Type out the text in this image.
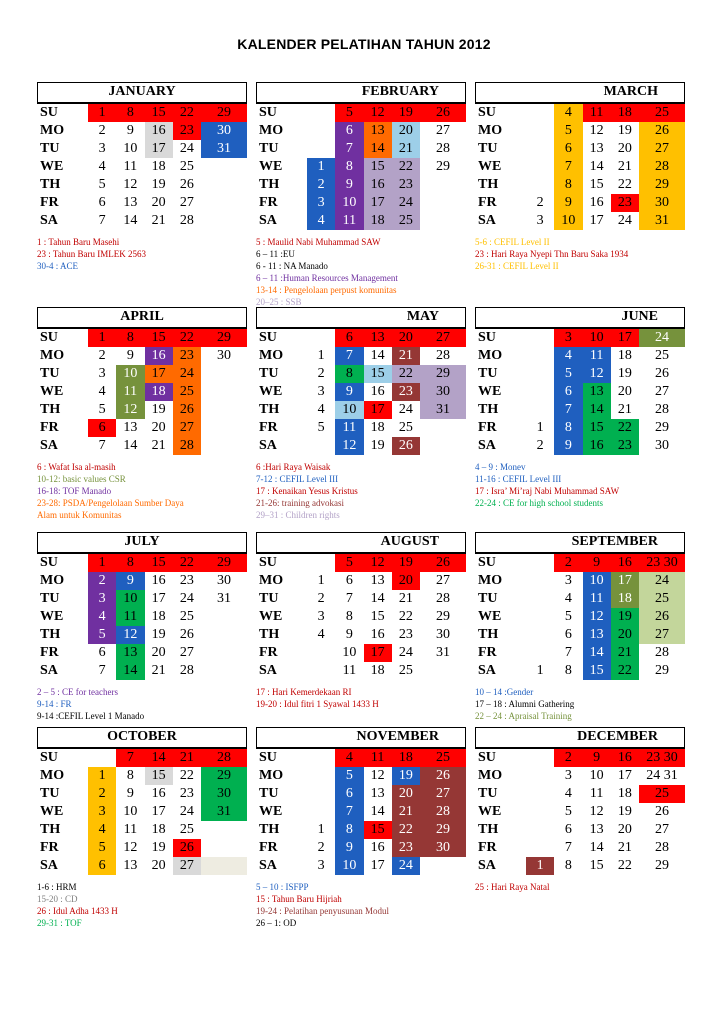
KALENDER PELATIHAN TAHUN 2012
JANUARY
SU		1	8	15	22	29
MO		2	9	16	23	30
TU		3	10	17	24	31
WE		4	11	18	25	
TH		5	12	19	26	
FR		6	13	20	27	
SA		7	14	21	28	
1 : Tahun Baru Masehi
23 : Tahun Baru IMLEK 2563
30-4 : ACE
FEBRUARY
SU			5	12	19	26
MO			6	13	20	27
TU			7	14	21	28
WE		1	8	15	22	29
TH		2	9	16	23	
FR		3	10	17	24	
SA		4	11	18	25	
5 : Maulid Nabi Muhammad SAW
6 – 11 :EU
6 - 11 : NA Manado
6 – 11 :Human Resources Management
13-14 : Pengelolaan perpust komunitas
20–25 : SSB
MARCH
SU			4	11	18	25
MO			5	12	19	26
TU			6	13	20	27
WE			7	14	21	28
TH			8	15	22	29
FR		2	9	16	23	30
SA		3	10	17	24	31
5-6 : CEFIL Level II
23 : Hari Raya Nyepi Thn Baru Saka 1934
26-31 : CEFIL Level II
APRIL
SU		1	8	15	22	29
MO		2	9	16	23	30
TU		3	10	17	24	
WE		4	11	18	25	
TH		5	12	19	26	
FR		6	13	20	27	
SA		7	14	21	28	
6 : Wafat Isa al-masih
10-12: basic values CSR
16-18: TOF Manado
23-28: PSDA/Pengelolaan Sumber Daya
Alam untuk Komunitas
MAY
SU			6	13	20	27
MO		1	7	14	21	28
TU		2	8	15	22	29
WE		3	9	16	23	30
TH		4	10	17	24	31
FR		5	11	18	25	
SA			12	19	26	
6 :Hari Raya Waisak
7-12 : CEFIL Level III
17 : Kenaikan Yesus Kristus
21-26: training advokasi
29–31 : Children rights
JUNE
SU			3	10	17	24
MO			4	11	18	25
TU			5	12	19	26
WE			6	13	20	27
TH			7	14	21	28
FR		1	8	15	22	29
SA		2	9	16	23	30
4 – 9 : Monev
11-16 : CEFIL Level III
17 : Isra’ Mi’raj Nabi Muhammad SAW
22-24 : CE for high school students
JULY
SU		1	8	15	22	29
MO		2	9	16	23	30
TU		3	10	17	24	31
WE		4	11	18	25	
TH		5	12	19	26	
FR		6	13	20	27	
SA		7	14	21	28	
2 – 5 : CE for teachers
9-14 : FR
9-14 :CEFIL Level 1 Manado
AUGUST
SU			5	12	19	26
MO		1	6	13	20	27
TU		2	7	14	21	28
WE		3	8	15	22	29
TH		4	9	16	23	30
FR			10	17	24	31
SA			11	18	25	
17 : Hari Kemerdekaan RI
19-20 : Idul fitri 1 Syawal 1433 H
SEPTEMBER
SU			2	9	16	23 30
MO			3	10	17	24
TU			4	11	18	25
WE			5	12	19	26
TH			6	13	20	27
FR			7	14	21	28
SA		1	8	15	22	29
10 – 14 :Gender
17 – 18 : Alumni Gathering
22 – 24 : Apraisal Training
OCTOBER
SU			7	14	21	28
MO		1	8	15	22	29
TU		2	9	16	23	30
WE		3	10	17	24	31
TH		4	11	18	25	
FR		5	12	19	26	
SA		6	13	20	27	
1-6 : HRM
15-20 : CD
26 : Idul Adha 1433 H
29-31 : TOF
NOVEMBER
SU			4	11	18	25
MO			5	12	19	26
TU			6	13	20	27
WE			7	14	21	28
TH		1	8	15	22	29
FR		2	9	16	23	30
SA		3	10	17	24	
5 – 10 : ISFPP
15 : Tahun Baru Hijriah
19-24 : Pelatihan penyusunan Modul
26 – 1: OD
DECEMBER
SU			2	9	16	23 30
MO			3	10	17	24 31
TU			4	11	18	25
WE			5	12	19	26
TH			6	13	20	27
FR			7	14	21	28
SA		1	8	15	22	29
25 : Hari Raya Natal
